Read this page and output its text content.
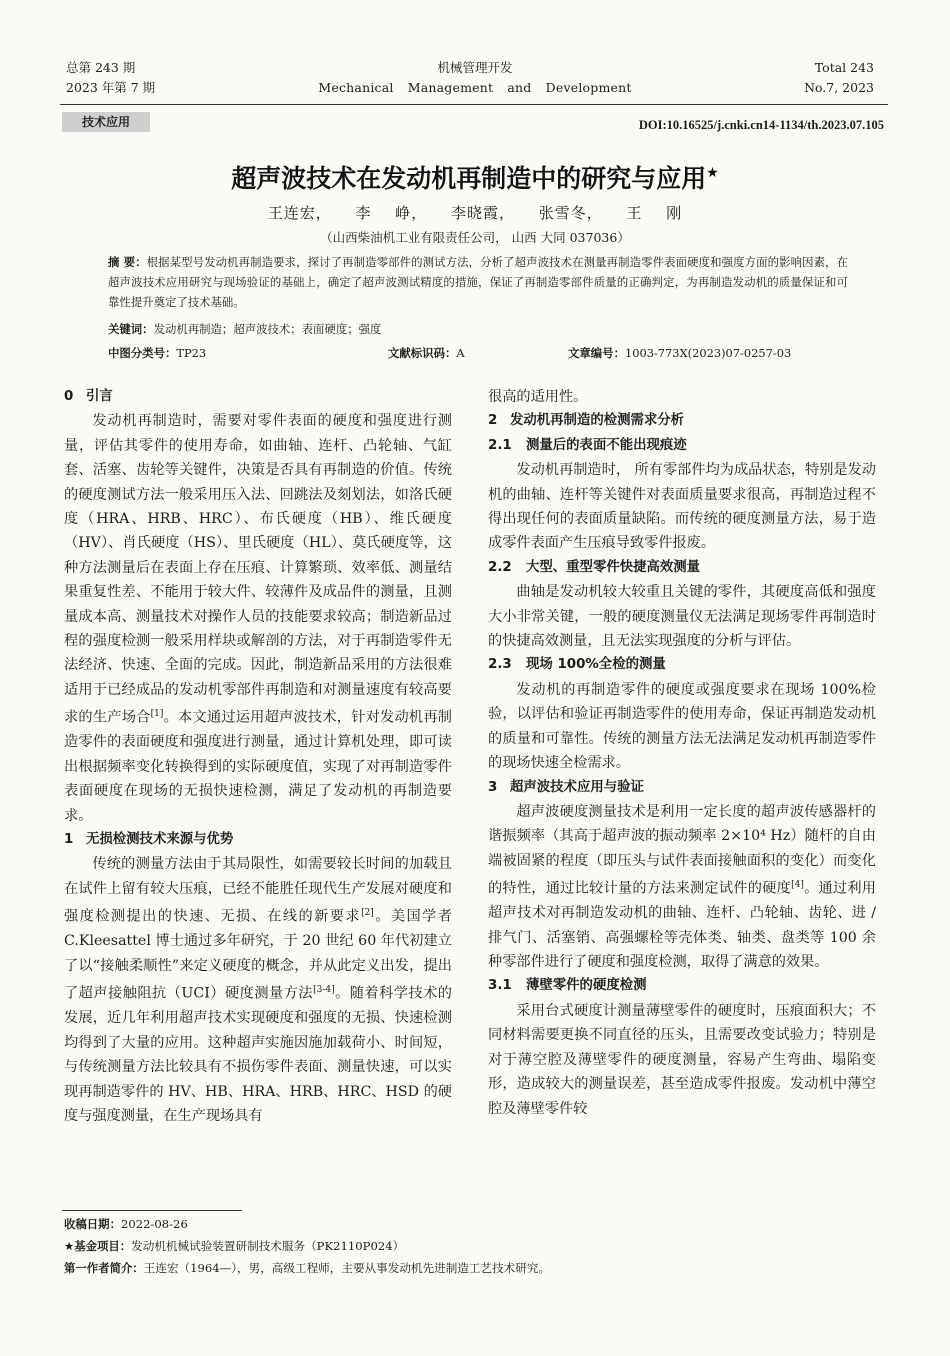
总第 243 期
2023 年第 7 期
机械管理开发
Mechanical Management and Development
Total 243
No.7, 2023
技术应用	DOI:10.16525/j.cnki.cn14-1134/th.2023.07.105
超声波技术在发动机再制造中的研究与应用★
王连宏， 李 峥， 李晓霞， 张雪冬， 王 刚
（山西柴油机工业有限责任公司， 山西 大同 037036）
摘 要：根据某型号发动机再制造要求，探讨了再制造零部件的测试方法，分析了超声波技术在测量再制造零件表面硬度和强度方面的影响因素，在超声波技术应用研究与现场验证的基础上，确定了超声波测试精度的措施，保证了再制造零部件质量的正确判定，为再制造发动机的质量保证和可靠性提升奠定了技术基础。
关键词：发动机再制造；超声波技术；表面硬度；强度
中图分类号：TP23	文献标识码：A	文章编号：1003-773X(2023)07-0257-03

0 引言

发动机再制造时，需要对零件表面的硬度和强度进行测量，评估其零件的使用寿命，如曲轴、连杆、凸轮轴、气缸套、活塞、齿轮等关键件，决策是否具有再制造的价值。传统的硬度测试方法一般采用压入法、回跳法及刻划法，如洛氏硬度（HRA、HRB、HRC）、布氏硬度（HB）、维氏硬度（HV）、肖氏硬度（HS）、里氏硬度（HL）、莫氏硬度等，这种方法测量后在表面上存在压痕、计算繁琐、效率低、测量结果重复性差、不能用于较大件、较薄件及成品件的测量，且测量成本高、测量技术对操作人员的技能要求较高；制造新品过程的强度检测一般采用样块或解剖的方法，对于再制造零件无法经济、快速、全面的完成。因此，制造新品采用的方法很难适用于已经成品的发动机零部件再制造和对测量速度有较高要求的生产场合[1]。本文通过运用超声波技术，针对发动机再制造零件的表面硬度和强度进行测量，通过计算机处理，即可读出根据频率变化转换得到的实际硬度值，实现了对再制造零件表面硬度在现场的无损快速检测，满足了发动机的再制造要求。

1 无损检测技术来源与优势

传统的测量方法由于其局限性，如需要较长时间的加载且在试件上留有较大压痕，已经不能胜任现代生产发展对硬度和强度检测提出的快速、无损、在线的新要求[2]。美国学者 C.Kleesattel 博士通过多年研究，于 20 世纪 60 年代初建立了以“接触柔顺性”来定义硬度的概念，并从此定义出发，提出了超声接触阻抗（UCI）硬度测量方法[3-4]。随着科学技术的发展，近几年利用超声技术实现硬度和强度的无损、快速检测均得到了大量的应用。这种超声实施因施加载荷小、时间短，与传统测量方法比较具有不损伤零件表面、测量快速，可以实现再制造零件的 HV、HB、HRA、HRB、HRC、HSD 的硬度与强度测量，在生产现场具有

很高的适用性。

2 发动机再制造的检测需求分析

2.1 测量后的表面不能出现痕迹

发动机再制造时， 所有零部件均为成品状态，特别是发动机的曲轴、连杆等关键件对表面质量要求很高，再制造过程不得出现任何的表面质量缺陷。而传统的硬度测量方法，易于造成零件表面产生压痕导致零件报废。

2.2 大型、重型零件快捷高效测量

曲轴是发动机较大较重且关键的零件，其硬度高低和强度大小非常关键，一般的硬度测量仪无法满足现场零件再制造时的快捷高效测量，且无法实现强度的分析与评估。

2.3 现场 100%全检的测量

发动机的再制造零件的硬度或强度要求在现场 100%检验，以评估和验证再制造零件的使用寿命，保证再制造发动机的质量和可靠性。传统的测量方法无法满足发动机再制造零件的现场快速全检需求。

3 超声波技术应用与验证

超声波硬度测量技术是利用一定长度的超声波传感器杆的谐振频率（其高于超声波的振动频率 2×10⁴ Hz）随杆的自由端被固紧的程度（即压头与试件表面接触面积的变化）而变化的特性，通过比较计量的方法来测定试件的硬度[4]。通过利用超声技术对再制造发动机的曲轴、连杆、凸轮轴、齿轮、进 / 排气门、活塞销、高强螺栓等壳体类、轴类、盘类等 100 余种零部件进行了硬度和强度检测，取得了满意的效果。

3.1 薄壁零件的硬度检测

采用台式硬度计测量薄壁零件的硬度时，压痕面积大；不同材料需要更换不同直径的压头，且需要改变试验力；特别是对于薄空腔及薄壁零件的硬度测量，容易产生弯曲、塌陷变形，造成较大的测量误差，甚至造成零件报废。发动机中薄空腔及薄壁零件较

收稿日期：2022-08-26
★基金项目：发动机机械试验装置研制技术服务（PK2110P024）
第一作者简介：王连宏（1964—），男，高级工程师，主要从事发动机先进制造工艺技术研究。
